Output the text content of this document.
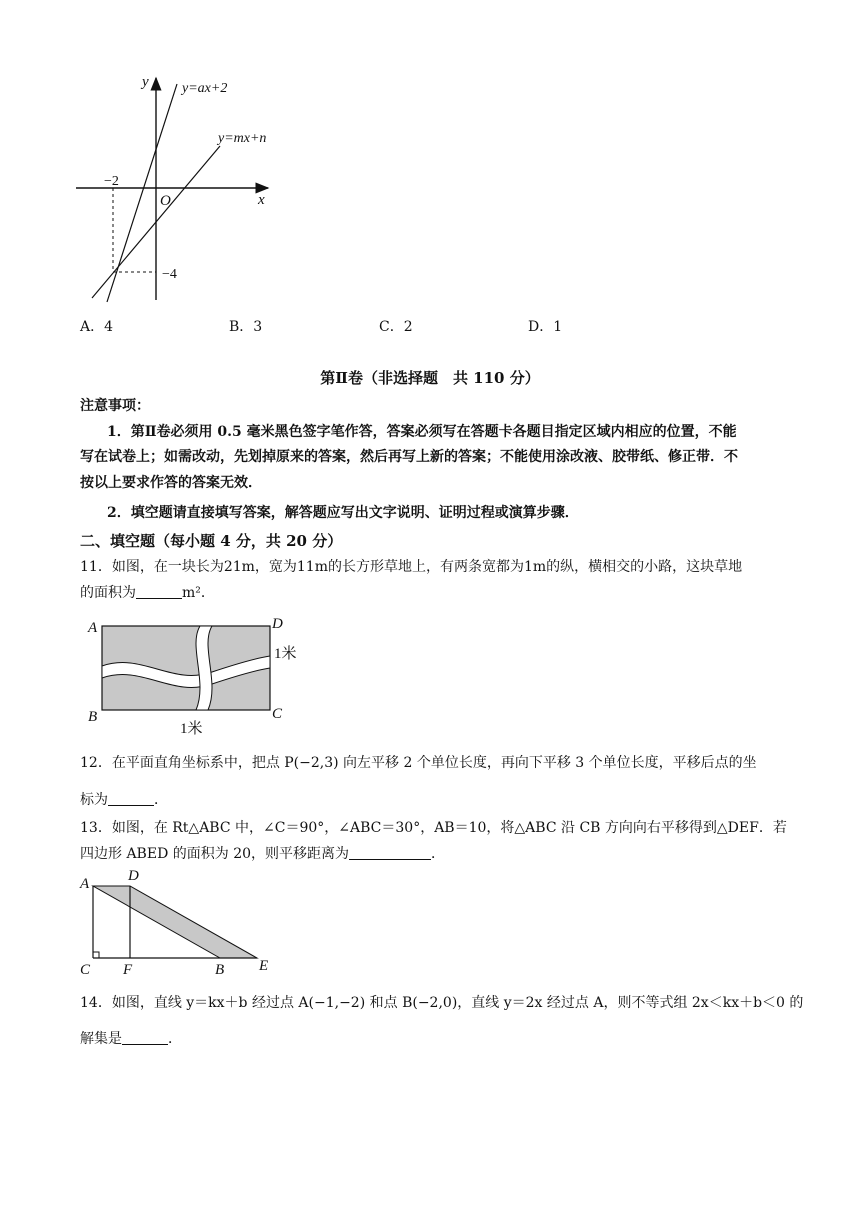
y
x
O
y=ax+2
y=mx+n
−2
−4
A．4	B．3	C．2	D．1
第Ⅱ卷（非选择题　共 110 分）
注意事项：
1．第Ⅱ卷必须用 0.5 毫米黑色签字笔作答，答案必须写在答题卡各题目指定区域内相应的位置，不能
写在试卷上；如需改动，先划掉原来的答案，然后再写上新的答案；不能使用涂改液、胶带纸、修正带．不
按以上要求作答的答案无效．
2．填空题请直接填写答案，解答题应写出文字说明、证明过程或演算步骤．
二、填空题（每小题 4 分，共 20 分）
11．如图，在一块长为21m，宽为11m的长方形草地上，有两条宽都为1m的纵，横相交的小路，这块草地
的面积为	m²．
A	D
B	C
1米
1米
12．在平面直角坐标系中，把点 P(−2,3) 向左平移 2 个单位长度，再向下平移 3 个单位长度，平移后点的坐
标为	．
13．如图，在 Rt△ABC 中，∠C＝90°，∠ABC＝30°，AB＝10，将△ABC 沿 CB 方向向右平移得到△DEF．若
四边形 ABED 的面积为 20，则平移距离为	．
A	D
C F	B E
14．如图，直线 y＝kx＋b 经过点 A(−1,−2) 和点 B(−2,0)，直线 y＝2x 经过点 A，则不等式组 2x＜kx＋b＜0 的
解集是	．
